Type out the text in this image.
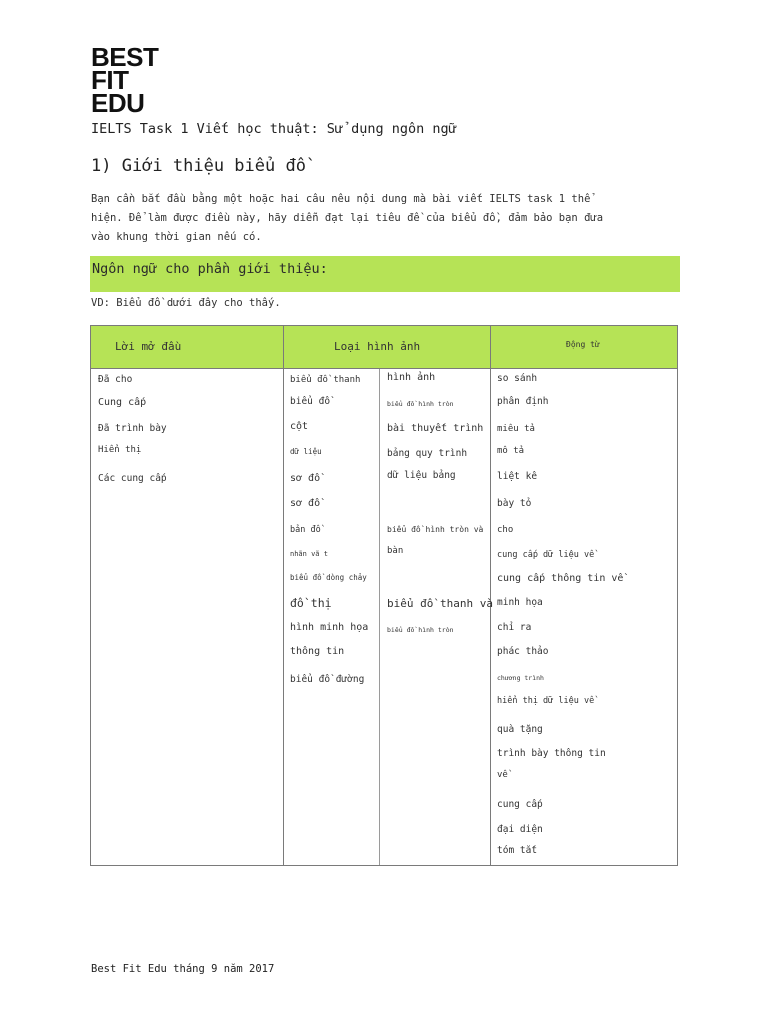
BEST
FIT
EDU
IELTS Task 1 Viết học thuật: Sử dụng ngôn ngữ
1) Giới thiệu biểu đồ
Bạn cần bắt đầu bằng một hoặc hai câu nêu nội dung mà bài viết IELTS task 1 thể
hiện. Để làm được điều này, hãy diễn đạt lại tiêu đề của biểu đồ, đảm bảo bạn đưa
vào khung thời gian nếu có.
Ngôn ngữ cho phần giới thiệu:
VD: Biểu đồ dưới đây cho thấy.
Lời mở đầu	Loại hình ảnh	Động từ
Đã cho
Cung cấp
Đã trình bày
Hiển thị
Các cung cấp
biểu đồ thanh
biểu đồ
cột
dữ liệu
sơ đồ
sơ đồ
bản đồ
nhãn vã t
biểu đồ dòng chảy
đồ thị
hình minh họa
thông tin
biểu đồ đường
hình ảnh
biểu đồ hình tròn
bài thuyết trình
bảng quy trình
dữ liệu bảng
biểu đồ hình tròn và
bàn
biểu đồ thanh và
biểu đồ hình tròn
so sánh
phân định
miêu tả
mô tả
liệt kê
bày tỏ
cho
cung cấp dữ liệu về
cung cấp thông tin về
minh họa
chỉ ra
phác thảo
chương trình
hiển thị dữ liệu về
quà tặng
trình bày thông tin
về
cung cấp
đại diện
tóm tắt
Best Fit Edu tháng 9 năm 2017
